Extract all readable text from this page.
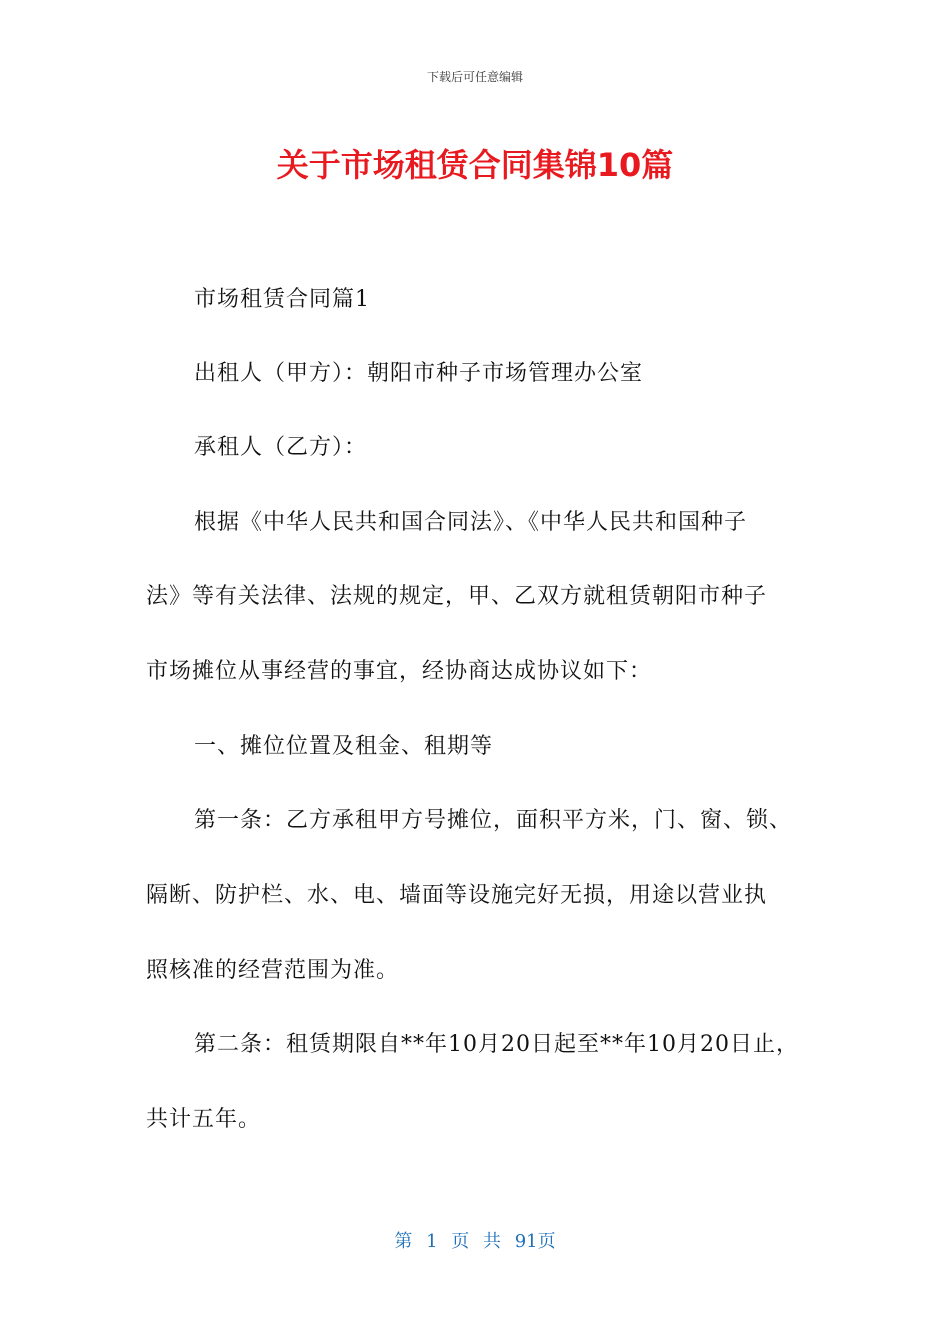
下载后可任意编辑
关于市场租赁合同集锦10篇
市场租赁合同篇1
出租人（甲方）：朝阳市种子市场管理办公室
承租人（乙方）：
根据《中华人民共和国合同法》、《中华人民共和国种子
法》等有关法律、法规的规定，甲、乙双方就租赁朝阳市种子
市场摊位从事经营的事宜，经协商达成协议如下：
一、摊位位置及租金、租期等
第一条：乙方承租甲方号摊位，面积平方米，门、窗、锁、
隔断、防护栏、水、电、墙面等设施完好无损，用途以营业执
照核准的经营范围为准。
第二条：租赁期限自**年10月20日起至**年10月20日止，
共计五年。
第 1 页 共 91页
